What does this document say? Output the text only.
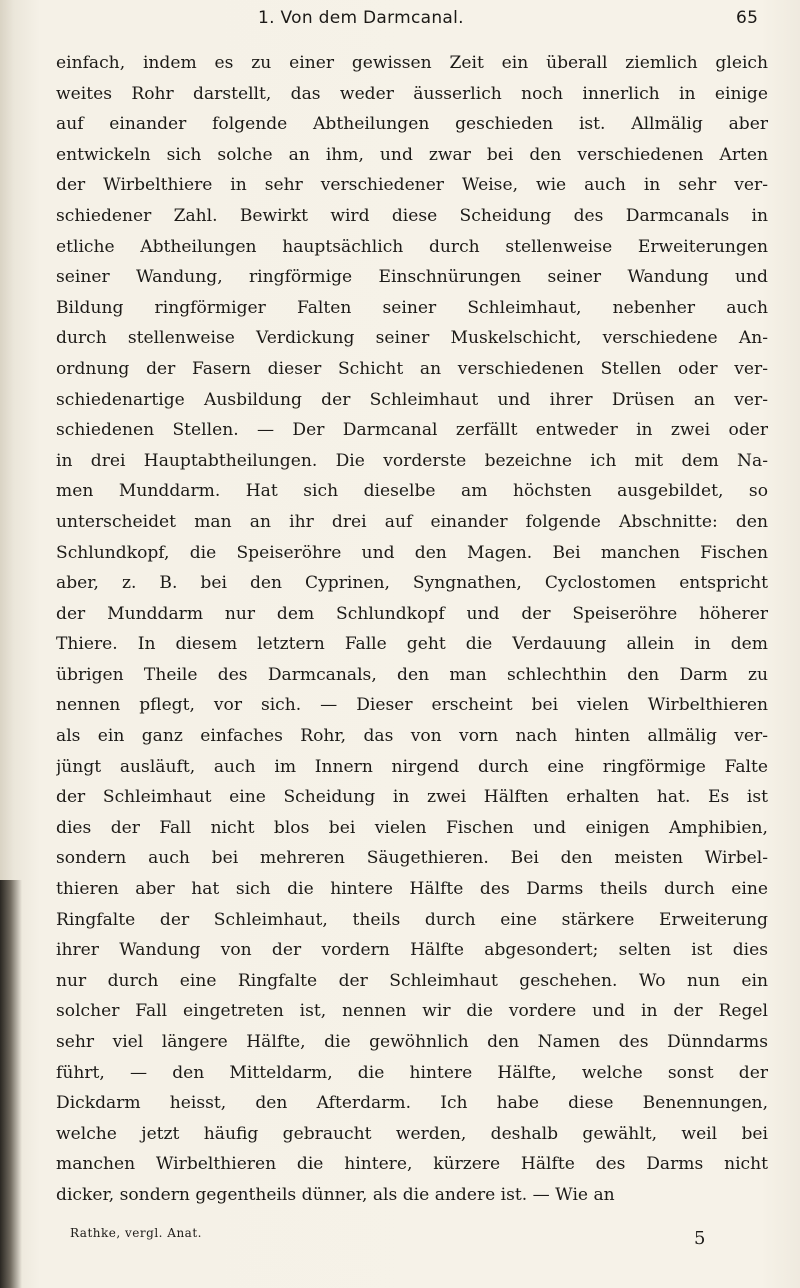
1. Von dem Darmcanal.	65
einfach, indem es zu einer gewissen Zeit ein überall ziemlich gleich
weites Rohr darstellt, das weder äusserlich noch innerlich in einige
auf einander folgende Abtheilungen geschieden ist. Allmälig aber
entwickeln sich solche an ihm, und zwar bei den verschiedenen Arten
der Wirbelthiere in sehr verschiedener Weise, wie auch in sehr ver-
schiedener Zahl. Bewirkt wird diese Scheidung des Darmcanals in
etliche Abtheilungen hauptsächlich durch stellenweise Erweiterungen
seiner Wandung, ringförmige Einschnürungen seiner Wandung und
Bildung ringförmiger Falten seiner Schleimhaut, nebenher auch
durch stellenweise Verdickung seiner Muskelschicht, verschiedene An-
ordnung der Fasern dieser Schicht an verschiedenen Stellen oder ver-
schiedenartige Ausbildung der Schleimhaut und ihrer Drüsen an ver-
schiedenen Stellen. — Der Darmcanal zerfällt entweder in zwei oder
in drei Hauptabtheilungen. Die vorderste bezeichne ich mit dem Na-
men Munddarm. Hat sich dieselbe am höchsten ausgebildet, so
unterscheidet man an ihr drei auf einander folgende Abschnitte: den
Schlundkopf, die Speiseröhre und den Magen. Bei manchen Fischen
aber, z. B. bei den Cyprinen, Syngnathen, Cyclostomen entspricht
der Munddarm nur dem Schlundkopf und der Speiseröhre höherer
Thiere. In diesem letztern Falle geht die Verdauung allein in dem
übrigen Theile des Darmcanals, den man schlechthin den Darm zu
nennen pflegt, vor sich. — Dieser erscheint bei vielen Wirbelthieren
als ein ganz einfaches Rohr, das von vorn nach hinten allmälig ver-
jüngt ausläuft, auch im Innern nirgend durch eine ringförmige Falte
der Schleimhaut eine Scheidung in zwei Hälften erhalten hat. Es ist
dies der Fall nicht blos bei vielen Fischen und einigen Amphibien,
sondern auch bei mehreren Säugethieren. Bei den meisten Wirbel-
thieren aber hat sich die hintere Hälfte des Darms theils durch eine
Ringfalte der Schleimhaut, theils durch eine stärkere Erweiterung
ihrer Wandung von der vordern Hälfte abgesondert; selten ist dies
nur durch eine Ringfalte der Schleimhaut geschehen. Wo nun ein
solcher Fall eingetreten ist, nennen wir die vordere und in der Regel
sehr viel längere Hälfte, die gewöhnlich den Namen des Dünndarms
führt, — den Mitteldarm, die hintere Hälfte, welche sonst der
Dickdarm heisst, den Afterdarm. Ich habe diese Benennungen,
welche jetzt häufig gebraucht werden, deshalb gewählt, weil bei
manchen Wirbelthieren die hintere, kürzere Hälfte des Darms nicht
dicker, sondern gegentheils dünner, als die andere ist. — Wie an
Rathke, vergl. Anat.	5
